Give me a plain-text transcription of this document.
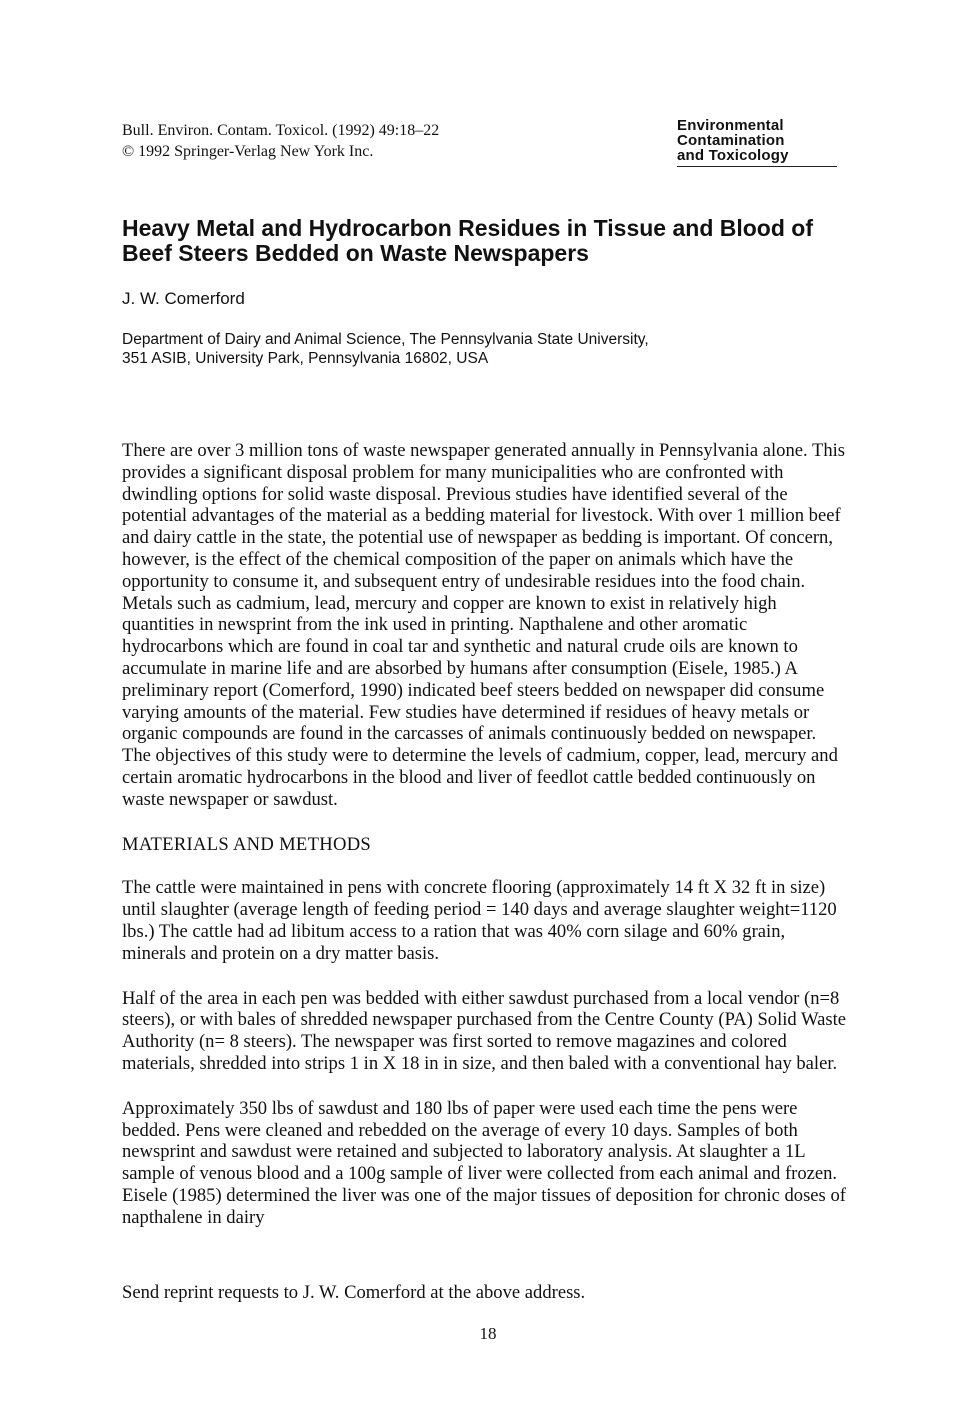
Bull. Environ. Contam. Toxicol. (1992) 49:18–22
© 1992 Springer-Verlag New York Inc.
Environmental
Contamination
and Toxicology
Heavy Metal and Hydrocarbon Residues in Tissue and Blood of Beef Steers Bedded on Waste Newspapers
J. W. Comerford
Department of Dairy and Animal Science, The Pennsylvania State University,
351 ASIB, University Park, Pennsylvania 16802, USA

There are over 3 million tons of waste newspaper generated annually in Pennsylvania alone. This provides a significant disposal problem for many municipalities who are confronted with dwindling options for solid waste disposal. Previous studies have identified several of the potential advantages of the material as a bedding material for livestock. With over 1 million beef and dairy cattle in the state, the potential use of newspaper as bedding is important. Of concern, however, is the effect of the chemical composition of the paper on animals which have the opportunity to consume it, and subsequent entry of undesirable residues into the food chain. Metals such as cadmium, lead, mercury and copper are known to exist in relatively high quantities in newsprint from the ink used in printing. Napthalene and other aromatic hydrocarbons which are found in coal tar and synthetic and natural crude oils are known to accumulate in marine life and are absorbed by humans after consumption (Eisele, 1985.) A preliminary report (Comerford, 1990) indicated beef steers bedded on newspaper did consume varying amounts of the material. Few studies have determined if residues of heavy metals or organic compounds are found in the carcasses of animals continuously bedded on newspaper. The objectives of this study were to determine the levels of cadmium, copper, lead, mercury and certain aromatic hydrocarbons in the blood and liver of feedlot cattle bedded continuously on waste newspaper or sawdust.

MATERIALS AND METHODS

The cattle were maintained in pens with concrete flooring (approximately 14 ft X 32 ft in size) until slaughter (average length of feeding period = 140 days and average slaughter weight=1120 lbs.) The cattle had ad libitum access to a ration that was 40% corn silage and 60% grain, minerals and protein on a dry matter basis.

Half of the area in each pen was bedded with either sawdust purchased from a local vendor (n=8 steers), or with bales of shredded newspaper purchased from the Centre County (PA) Solid Waste Authority (n= 8 steers). The newspaper was first sorted to remove magazines and colored materials, shredded into strips 1 in X 18 in in size, and then baled with a conventional hay baler.

Approximately 350 lbs of sawdust and 180 lbs of paper were used each time the pens were bedded. Pens were cleaned and rebedded on the average of every 10 days. Samples of both newsprint and sawdust were retained and subjected to laboratory analysis. At slaughter a 1L sample of venous blood and a 100g sample of liver were collected from each animal and frozen. Eisele (1985) determined the liver was one of the major tissues of deposition for chronic doses of napthalene in dairy

Send reprint requests to J. W. Comerford at the above address.
18
